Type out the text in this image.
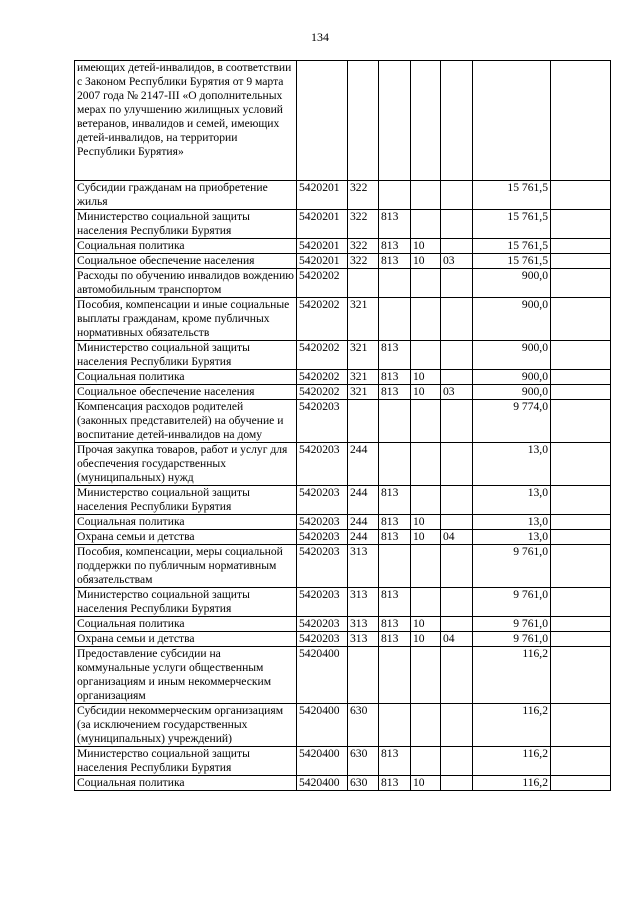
134
имеющих детей-инвалидов, в соответствии с Законом Республики Бурятия от 9 марта 2007 года № 2147-III «О дополнительных мерах по улучшению жилищных условий ветеранов, инвалидов и семей, имеющих детей-инвалидов, на территории Республики Бурятия»							
Субсидии гражданам на приобретение жилья	5420201	322				15 761,5	
Министерство социальной защиты населения Республики Бурятия	5420201	322	813			15 761,5	
Социальная политика	5420201	322	813	10		15 761,5	
Социальное обеспечение населения	5420201	322	813	10	03	15 761,5	
Расходы по обучению инвалидов вождению автомобильным транспортом	5420202					900,0	
Пособия, компенсации и иные социальные выплаты гражданам, кроме публичных нормативных обязательств	5420202	321				900,0	
Министерство социальной защиты населения Республики Бурятия	5420202	321	813			900,0	
Социальная политика	5420202	321	813	10		900,0	
Социальное обеспечение населения	5420202	321	813	10	03	900,0	
Компенсация расходов родителей (законных представителей) на обучение и воспитание детей-инвалидов на дому	5420203					9 774,0	
Прочая закупка товаров, работ и услуг для обеспечения государственных (муниципальных) нужд	5420203	244				13,0	
Министерство социальной защиты населения Республики Бурятия	5420203	244	813			13,0	
Социальная политика	5420203	244	813	10		13,0	
Охрана семьи и детства	5420203	244	813	10	04	13,0	
Пособия, компенсации, меры социальной поддержки по публичным нормативным обязательствам	5420203	313				9 761,0	
Министерство социальной защиты населения Республики Бурятия	5420203	313	813			9 761,0	
Социальная политика	5420203	313	813	10		9 761,0	
Охрана семьи и детства	5420203	313	813	10	04	9 761,0	
Предоставление субсидии на коммунальные услуги общественным организациям и иным некоммерческим организациям	5420400					116,2	
Субсидии некоммерческим организациям (за исключением государственных (муниципальных) учреждений)	5420400	630				116,2	
Министерство социальной защиты населения Республики Бурятия	5420400	630	813			116,2	
Социальная политика	5420400	630	813	10		116,2	
